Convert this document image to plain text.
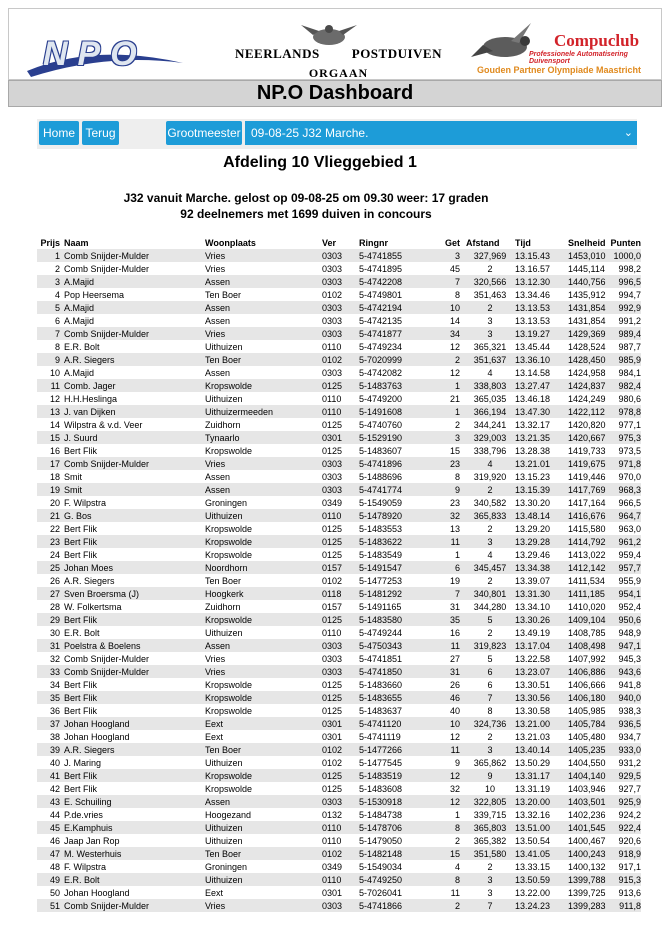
NPO	NEERLANDS POSTDUIVEN
ORGAAN
Compuclub
Professionele Automatisering Duivensport
Gouden Partner Olympiade Maastricht
NP.O Dashboard
Home Terug	Grootmeester 09-08-25 J32 Marche.	⌄
Afdeling 10 Vlieggebied 1
J32 vanuit Marche. gelost op 09-08-25 om 09.30 weer: 17 graden
92 deelnemers met 1699 duiven in concours
Prijs	Naam	Woonplaats	Ver	Ringnr	Get	Afstand	Tijd	Snelheid	Punten
1	Comb Snijder-Mulder	Vries	0303	5-4741855	3	327,969	13.15.43	1453,010	1000,0
2	Comb Snijder-Mulder	Vries	0303	5-4741895	45	2	13.16.57	1445,114	998,2
3	A.Majid	Assen	0303	5-4742208	7	320,566	13.12.30	1440,756	996,5
4	Pop Heersema	Ten Boer	0102	5-4749801	8	351,463	13.34.46	1435,912	994,7
5	A.Majid	Assen	0303	5-4742194	10	2	13.13.53	1431,854	992,9
6	A.Majid	Assen	0303	5-4742135	14	3	13.13.53	1431,854	991,2
7	Comb Snijder-Mulder	Vries	0303	5-4741877	34	3	13.19.27	1429,369	989,4
8	E.R. Bolt	Uithuizen	0110	5-4749234	12	365,321	13.45.44	1428,524	987,7
9	A.R. Siegers	Ten Boer	0102	5-7020999	2	351,637	13.36.10	1428,450	985,9
10	A.Majid	Assen	0303	5-4742082	12	4	13.14.58	1424,958	984,1
11	Comb. Jager	Kropswolde	0125	5-1483763	1	338,803	13.27.47	1424,837	982,4
12	H.H.Heslinga	Uithuizen	0110	5-4749200	21	365,035	13.46.18	1424,249	980,6
13	J. van Dijken	Uithuizermeeden	0110	5-1491608	1	366,194	13.47.30	1422,112	978,8
14	Wilpstra & v.d. Veer	Zuidhorn	0125	5-4740760	2	344,241	13.32.17	1420,820	977,1
15	J. Suurd	Tynaarlo	0301	5-1529190	3	329,003	13.21.35	1420,667	975,3
16	Bert Flik	Kropswolde	0125	5-1483607	15	338,796	13.28.38	1419,733	973,5
17	Comb Snijder-Mulder	Vries	0303	5-4741896	23	4	13.21.01	1419,675	971,8
18	Smit	Assen	0303	5-1488696	8	319,920	13.15.23	1419,446	970,0
19	Smit	Assen	0303	5-4741774	9	2	13.15.39	1417,769	968,3
20	F. Wilpstra	Groningen	0349	5-1549059	23	340,582	13.30.20	1417,164	966,5
21	G. Bos	Uithuizen	0110	5-1478920	32	365,833	13.48.14	1416,676	964,7
22	Bert Flik	Kropswolde	0125	5-1483553	13	2	13.29.20	1415,580	963,0
23	Bert Flik	Kropswolde	0125	5-1483622	11	3	13.29.28	1414,792	961,2
24	Bert Flik	Kropswolde	0125	5-1483549	1	4	13.29.46	1413,022	959,4
25	Johan Moes	Noordhorn	0157	5-1491547	6	345,457	13.34.38	1412,142	957,7
26	A.R. Siegers	Ten Boer	0102	5-1477253	19	2	13.39.07	1411,534	955,9
27	Sven Broersma (J)	Hoogkerk	0118	5-1481292	7	340,801	13.31.30	1411,185	954,1
28	W. Folkertsma	Zuidhorn	0157	5-1491165	31	344,280	13.34.10	1410,020	952,4
29	Bert Flik	Kropswolde	0125	5-1483580	35	5	13.30.26	1409,104	950,6
30	E.R. Bolt	Uithuizen	0110	5-4749244	16	2	13.49.19	1408,785	948,9
31	Poelstra & Boelens	Assen	0303	5-4750343	11	319,823	13.17.04	1408,498	947,1
32	Comb Snijder-Mulder	Vries	0303	5-4741851	27	5	13.22.58	1407,992	945,3
33	Comb Snijder-Mulder	Vries	0303	5-4741850	31	6	13.23.07	1406,886	943,6
34	Bert Flik	Kropswolde	0125	5-1483660	26	6	13.30.51	1406,666	941,8
35	Bert Flik	Kropswolde	0125	5-1483655	46	7	13.30.56	1406,180	940,0
36	Bert Flik	Kropswolde	0125	5-1483637	40	8	13.30.58	1405,985	938,3
37	Johan Hoogland	Eext	0301	5-4741120	10	324,736	13.21.00	1405,784	936,5
38	Johan Hoogland	Eext	0301	5-4741119	12	2	13.21.03	1405,480	934,7
39	A.R. Siegers	Ten Boer	0102	5-1477266	11	3	13.40.14	1405,235	933,0
40	J. Maring	Uithuizen	0102	5-1477545	9	365,862	13.50.29	1404,550	931,2
41	Bert Flik	Kropswolde	0125	5-1483519	12	9	13.31.17	1404,140	929,5
42	Bert Flik	Kropswolde	0125	5-1483608	32	10	13.31.19	1403,946	927,7
43	E. Schuiling	Assen	0303	5-1530918	12	322,805	13.20.00	1403,501	925,9
44	P.de.vries	Hoogezand	0132	5-1484738	1	339,715	13.32.16	1402,236	924,2
45	E.Kamphuis	Uithuizen	0110	5-1478706	8	365,803	13.51.00	1401,545	922,4
46	Jaap Jan Rop	Uithuizen	0110	5-1479050	2	365,382	13.50.54	1400,467	920,6
47	M. Westerhuis	Ten Boer	0102	5-1482148	15	351,580	13.41.05	1400,243	918,9
48	F. Wilpstra	Groningen	0349	5-1549034	4	2	13.33.15	1400,132	917,1
49	E.R. Bolt	Uithuizen	0110	5-4749250	8	3	13.50.59	1399,788	915,3
50	Johan Hoogland	Eext	0301	5-7026041	11	3	13.22.00	1399,725	913,6
51	Comb Snijder-Mulder	Vries	0303	5-4741866	2	7	13.24.23	1399,283	911,8
